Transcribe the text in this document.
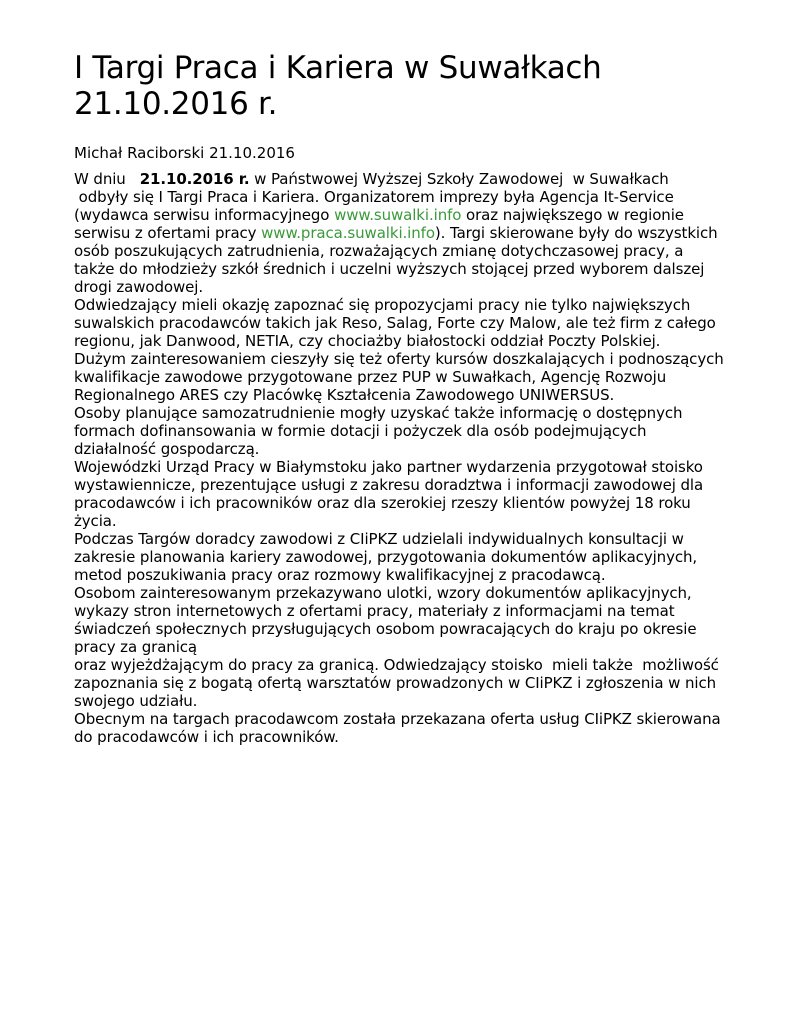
I Targi Praca i Kariera w Suwałkach
21.10.2016 r.
Michał Raciborski 21.10.2016
W dniu   21.10.2016 r. w Państwowej Wyższej Szkoły Zawodowej  w Suwałkach
odbyły się I Targi Praca i Kariera. Organizatorem imprezy była Agencja It-Service
(wydawca serwisu informacyjnego www.suwalki.info oraz największego w regionie
serwisu z ofertami pracy www.praca.suwalki.info). Targi skierowane były do wszystkich
osób poszukujących zatrudnienia, rozważających zmianę dotychczasowej pracy, a
także do młodzieży szkół średnich i uczelni wyższych stojącej przed wyborem dalszej
drogi zawodowej.
Odwiedzający mieli okazję zapoznać się propozycjami pracy nie tylko największych
suwalskich pracodawców takich jak Reso, Salag, Forte czy Malow, ale też firm z całego
regionu, jak Danwood, NETIA, czy chociażby białostocki oddział Poczty Polskiej.
Dużym zainteresowaniem cieszyły się też oferty kursów doszkalających i podnoszących
kwalifikacje zawodowe przygotowane przez PUP w Suwałkach, Agencję Rozwoju
Regionalnego ARES czy Placówkę Kształcenia Zawodowego UNIWERSUS.
Osoby planujące samozatrudnienie mogły uzyskać także informację o dostępnych
formach dofinansowania w formie dotacji i pożyczek dla osób podejmujących
działalność gospodarczą.
Wojewódzki Urząd Pracy w Białymstoku jako partner wydarzenia przygotował stoisko
wystawiennicze, prezentujące usługi z zakresu doradztwa i informacji zawodowej dla
pracodawców i ich pracowników oraz dla szerokiej rzeszy klientów powyżej 18 roku
życia.
Podczas Targów doradcy zawodowi z CIiPKZ udzielali indywidualnych konsultacji w
zakresie planowania kariery zawodowej, przygotowania dokumentów aplikacyjnych,
metod poszukiwania pracy oraz rozmowy kwalifikacyjnej z pracodawcą.
Osobom zainteresowanym przekazywano ulotki, wzory dokumentów aplikacyjnych,
wykazy stron internetowych z ofertami pracy, materiały z informacjami na temat
świadczeń społecznych przysługujących osobom powracających do kraju po okresie
pracy za granicą
oraz wyjeżdżającym do pracy za granicą. Odwiedzający stoisko  mieli także  możliwość
zapoznania się z bogatą ofertą warsztatów prowadzonych w CIiPKZ i zgłoszenia w nich
swojego udziału.
Obecnym na targach pracodawcom została przekazana oferta usług CIiPKZ skierowana
do pracodawców i ich pracowników.
